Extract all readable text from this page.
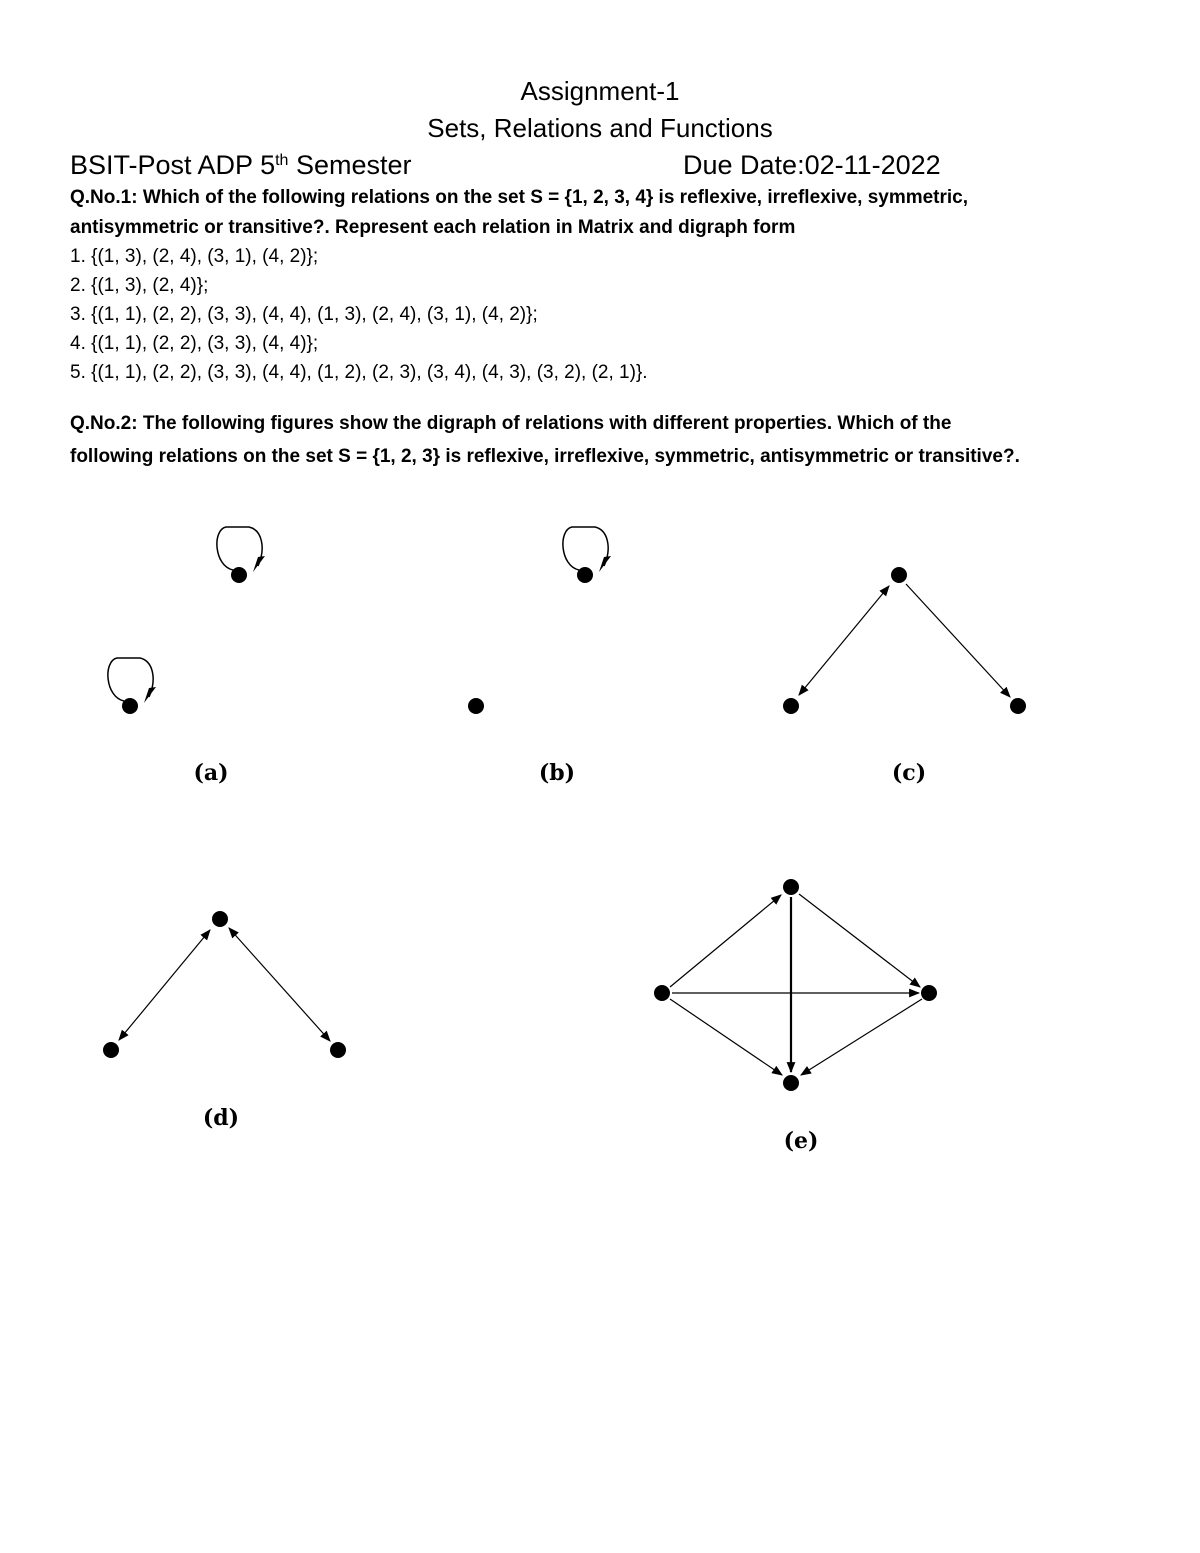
Assignment-1
Sets, Relations and Functions
BSIT-Post ADP 5th Semester	Due Date:02-11-2022
Q.No.1: Which of the following relations on the set S = {1, 2, 3, 4} is reflexive, irreflexive, symmetric,
antisymmetric or transitive?. Represent each relation in Matrix and digraph form
1. {(1, 3), (2, 4), (3, 1), (4, 2)};
2. {(1, 3), (2, 4)};
3. {(1, 1), (2, 2), (3, 3), (4, 4), (1, 3), (2, 4), (3, 1), (4, 2)};
4. {(1, 1), (2, 2), (3, 3), (4, 4)};
5. {(1, 1), (2, 2), (3, 3), (4, 4), (1, 2), (2, 3), (3, 4), (4, 3), (3, 2), (2, 1)}.
Q.No.2: The following figures show the digraph of relations with different properties. Which of the
following relations on the set S = {1, 2, 3} is reflexive, irreflexive, symmetric, antisymmetric or transitive?.
(a)	(b)	(c)
(d)
(e)
